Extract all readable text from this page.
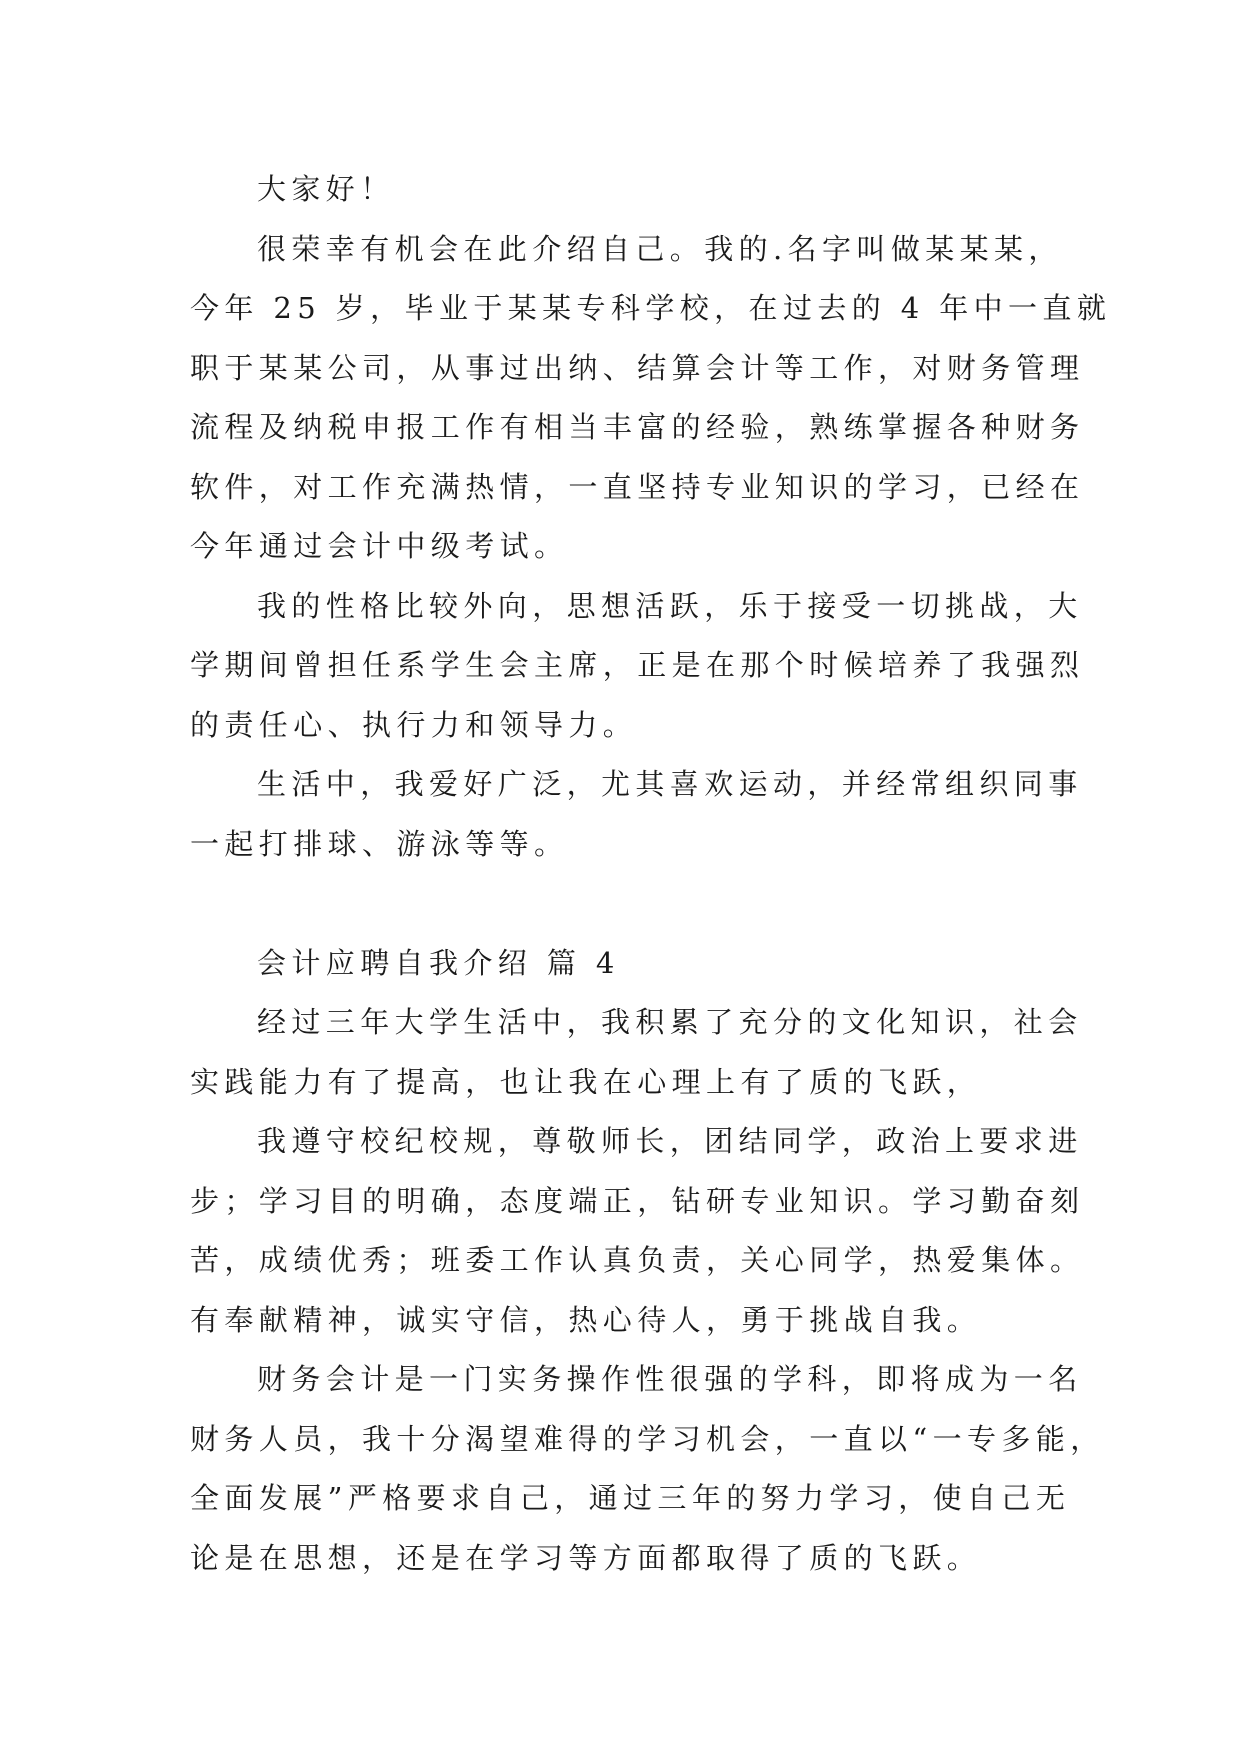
大家好！
很荣幸有机会在此介绍自己。我的.名字叫做某某某，
今年 25 岁，毕业于某某专科学校，在过去的 4 年中一直就
职于某某公司，从事过出纳、结算会计等工作，对财务管理
流程及纳税申报工作有相当丰富的经验，熟练掌握各种财务
软件，对工作充满热情，一直坚持专业知识的学习，已经在
今年通过会计中级考试。
我的性格比较外向，思想活跃，乐于接受一切挑战，大
学期间曾担任系学生会主席，正是在那个时候培养了我强烈
的责任心、执行力和领导力。
生活中，我爱好广泛，尤其喜欢运动，并经常组织同事
一起打排球、游泳等等。
会计应聘自我介绍 篇 4
经过三年大学生活中，我积累了充分的文化知识，社会
实践能力有了提高，也让我在心理上有了质的飞跃，
我遵守校纪校规，尊敬师长，团结同学，政治上要求进
步；学习目的明确，态度端正，钻研专业知识。学习勤奋刻
苦，成绩优秀；班委工作认真负责，关心同学，热爱集体。
有奉献精神，诚实守信，热心待人，勇于挑战自我。
财务会计是一门实务操作性很强的学科，即将成为一名
财务人员，我十分渴望难得的学习机会，一直以“一专多能，
全面发展”严格要求自己，通过三年的努力学习，使自己无
论是在思想，还是在学习等方面都取得了质的飞跃。
